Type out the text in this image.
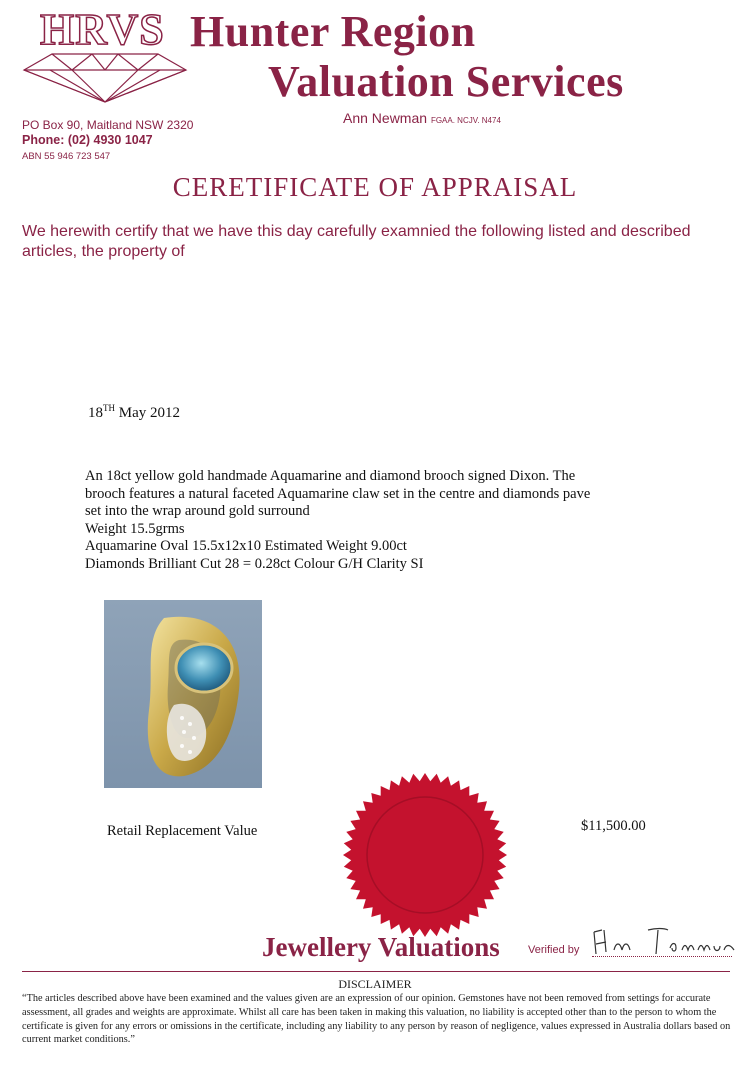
HRVS Hunter Region
Valuation Services
Ann Newman FGAA. NCJV. N474
PO Box 90, Maitland NSW 2320
Phone: (02) 4930 1047
ABN 55 946 723 547
CERETIFICATE OF APPRAISAL
We herewith certify that we have this day carefully examnied the following listed and described articles, the property of
18TH May 2012
An 18ct yellow gold handmade Aquamarine and diamond brooch signed Dixon. The
brooch features a natural faceted Aquamarine claw set in the centre and diamonds pave
set into the wrap around gold surround
Weight 15.5grms
Aquamarine Oval 15.5x12x10 Estimated Weight 9.00ct
Diamonds Brilliant Cut 28 = 0.28ct Colour G/H Clarity SI
Retail Replacement Value	$11,500.00
Jewellery Valuations	Verified by
DISCLAIMER
“The articles described above have been examined and the values given are an expression of our opinion. Gemstones have not been removed from settings for accurate assessment, all grades and weights are approximate. Whilst all care has been taken in making this valuation, no liability is accepted other than to the person to whom the certificate is given for any errors or omissions in the certificate, including any liability to any person by reason of negligence, values expressed in Australia dollars based on current market conditions.”
